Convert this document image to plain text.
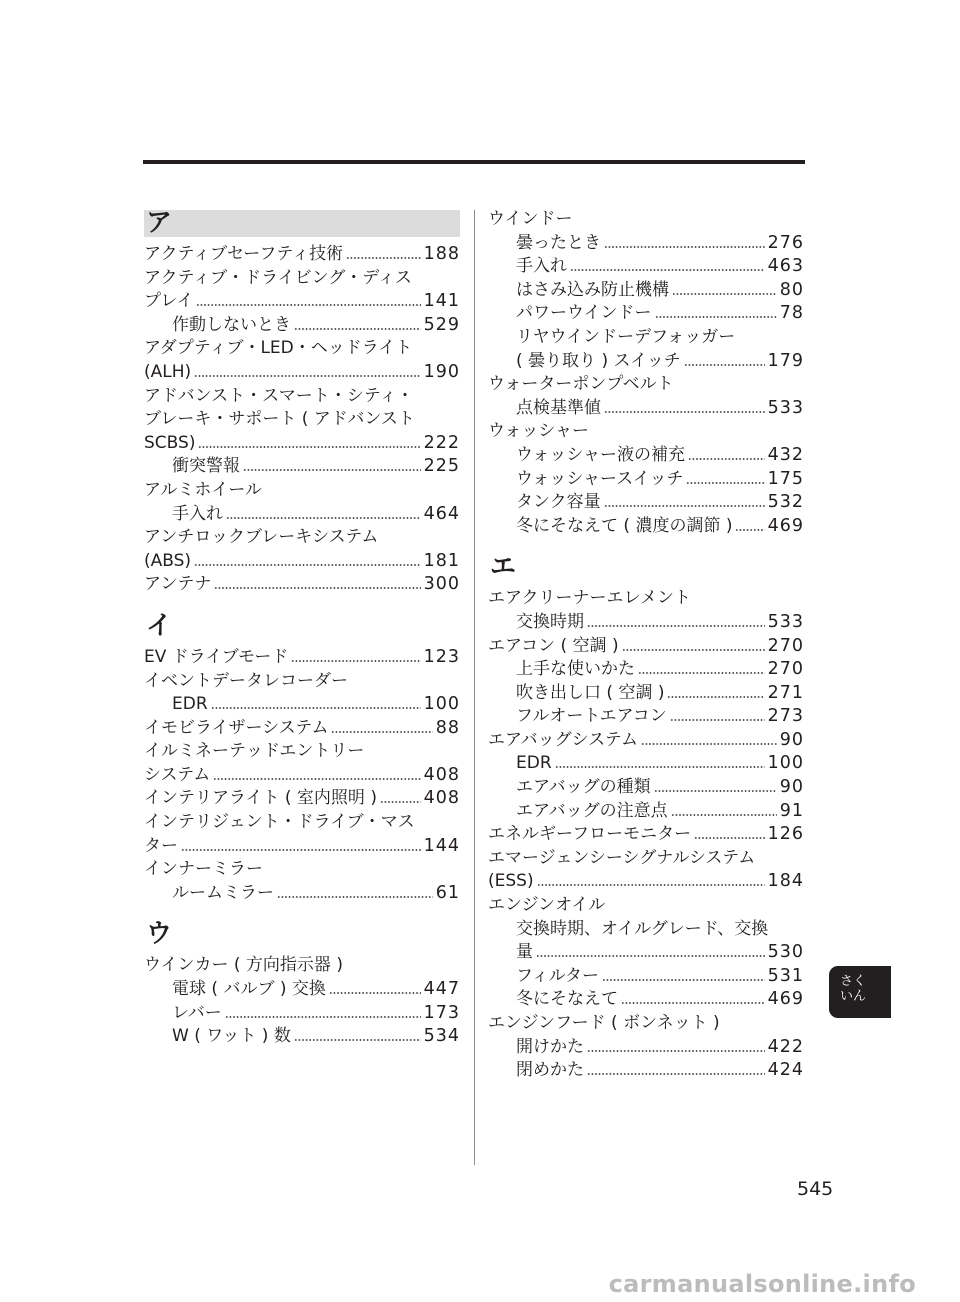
ア
アクティブセーフティ技術	188
アクティブ・ドライビング・ディス
プレイ	141
作動しないとき	529
アダプティブ・LED・ヘッドライト
(ALH)	190
アドバンスト・スマート・シティ・
ブレーキ・サポート ( アドバンスト
SCBS)	222
衝突警報	225
アルミホイール
手入れ	464
アンチロックブレーキシステム
(ABS)	181
アンテナ	300
イ
EV ドライブモード	123
イベントデータレコーダー
EDR	100
イモビライザーシステム	88
イルミネーテッドエントリー
システム	408
インテリアライト ( 室内照明 )	408
インテリジェント・ドライブ・マス
ター	144
インナーミラー
ルームミラー	61
ウ
ウインカー ( 方向指示器 )
電球 ( バルブ ) 交換	447
レバー	173
W ( ワット ) 数	534
ウインドー
曇ったとき	276
手入れ	463
はさみ込み防止機構	80
パワーウインドー	78
リヤウインドーデフォッガー
( 曇り取り ) スイッチ	179
ウォーターポンプベルト
点検基準値	533
ウォッシャー
ウォッシャー液の補充	432
ウォッシャースイッチ	175
タンク容量	532
冬にそなえて ( 濃度の調節 ) 469
エ
エアクリーナーエレメント
交換時期	533
エアコン ( 空調 )	270
上手な使いかた	270
吹き出し口 ( 空調 )	271
フルオートエアコン	273
エアバッグシステム	90
EDR	100
エアバッグの種類	90
エアバッグの注意点	91
エネルギーフローモニター	126
エマージェンシーシグナルシステム
(ESS)	184
エンジンオイル
交換時期、オイルグレード、交換
量	530
フィルター	531
冬にそなえて	469
エンジンフード ( ボンネット )
開けかた	422
閉めかた	424
さく
いん
545
carmanualsonline.info
